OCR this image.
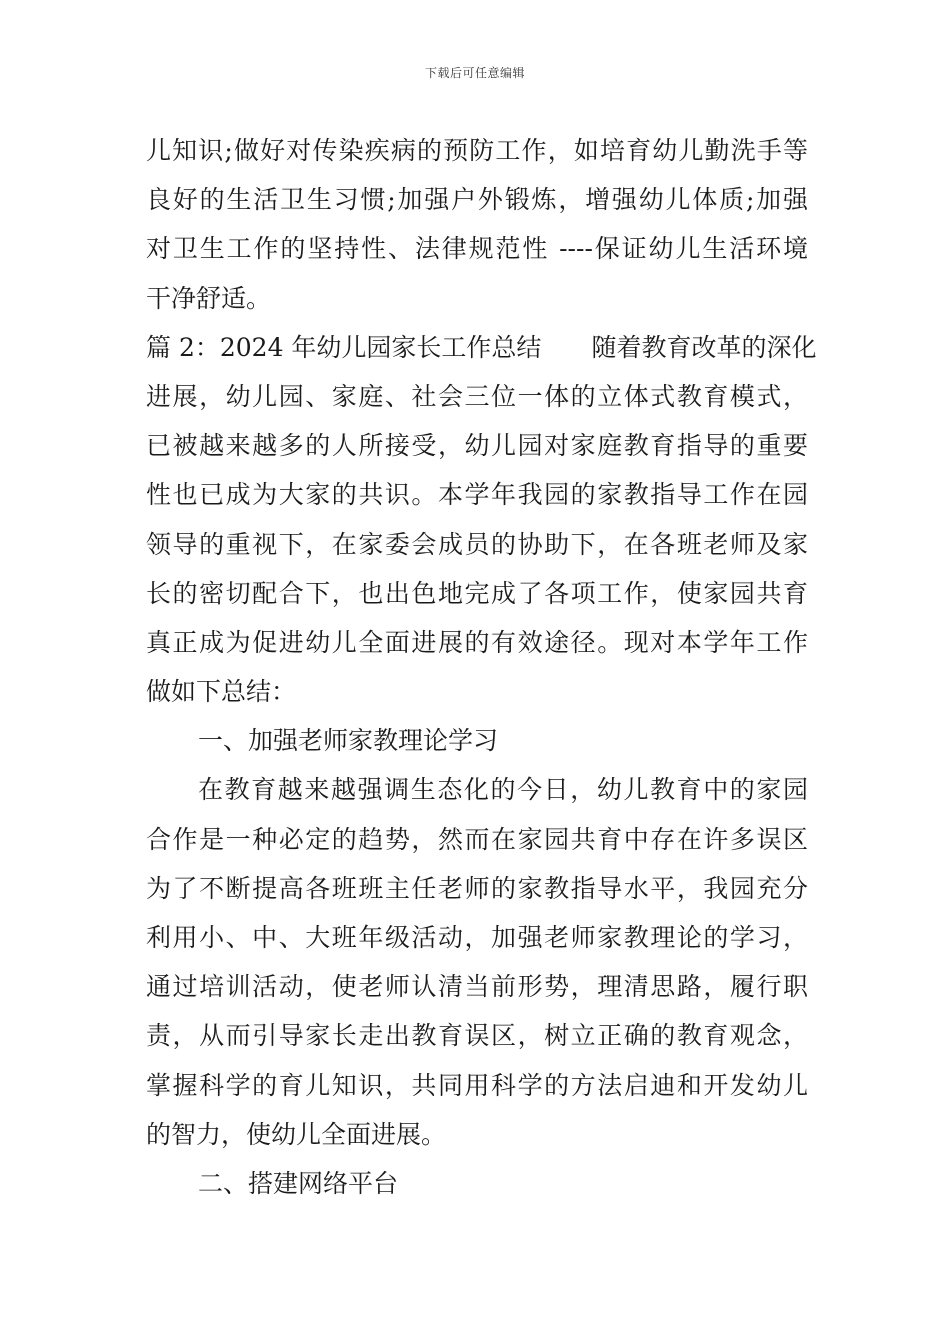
下载后可任意编辑
儿知识;做好对传染疾病的预防工作，如培育幼儿勤洗手等
良好的生活卫生习惯;加强户外锻炼，增强幼儿体质;加强
对卫生工作的坚持性、法律规范性 ----保证幼儿生活环境
干净舒适。
篇 2：2024 年幼儿园家长工作总结 随着教育改革的深化
进展，幼儿园、家庭、社会三位一体的立体式教育模式，
已被越来越多的人所接受，幼儿园对家庭教育指导的重要
性也已成为大家的共识。本学年我园的家教指导工作在园
领导的重视下，在家委会成员的协助下，在各班老师及家
长的密切配合下，也出色地完成了各项工作，使家园共育
真正成为促进幼儿全面进展的有效途径。现对本学年工作
做如下总结：
一、加强老师家教理论学习
在教育越来越强调生态化的今日，幼儿教育中的家园
合作是一种必定的趋势，然而在家园共育中存在许多误区
为了不断提高各班班主任老师的家教指导水平，我园充分
利用小、中、大班年级活动，加强老师家教理论的学习，
通过培训活动，使老师认清当前形势，理清思路，履行职
责，从而引导家长走出教育误区，树立正确的教育观念，
掌握科学的育儿知识，共同用科学的方法启迪和开发幼儿
的智力，使幼儿全面进展。
二、搭建网络平台
